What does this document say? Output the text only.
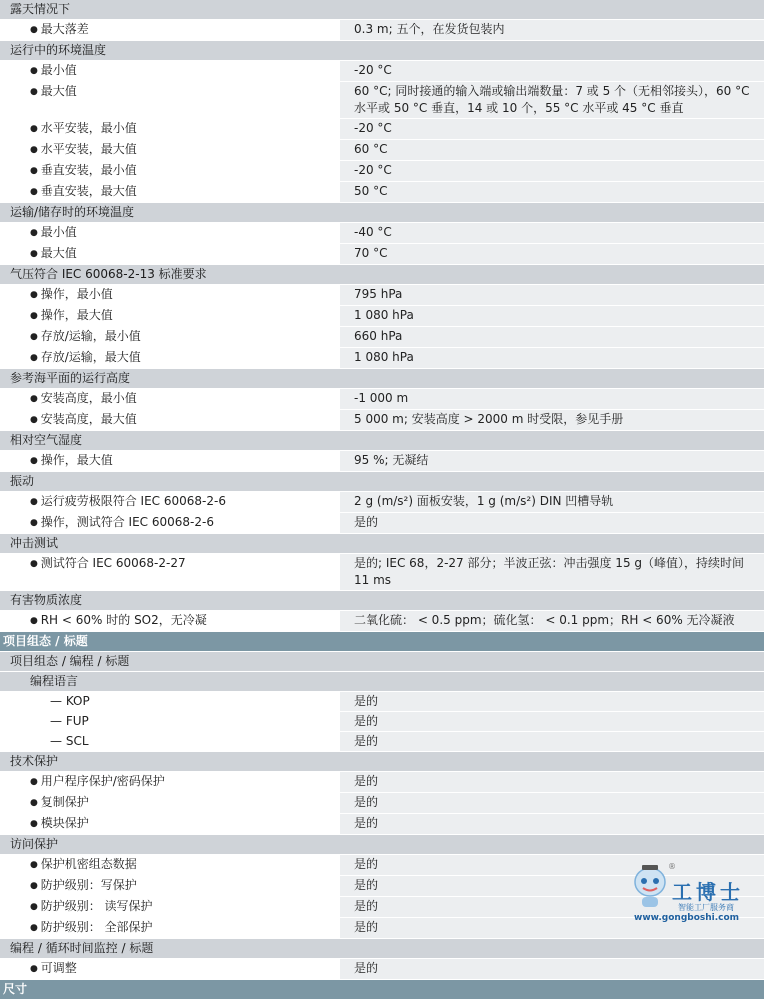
露天情况下
● 最大落差	0.3 m; 五个，在发货包装内
运行中的环境温度
● 最小值	-20 °C
● 最大值	60 °C; 同时接通的输入端或输出端数量：7 或 5 个（无相邻接头），60 °C 水平或 50 °C 垂直，14 或 10 个，55 °C 水平或 45 °C 垂直
● 水平安装，最小值	-20 °C
● 水平安装，最大值	60 °C
● 垂直安装，最小值	-20 °C
● 垂直安装，最大值	50 °C
运输/储存时的环境温度
● 最小值	-40 °C
● 最大值	70 °C
气压符合 IEC 60068-2-13 标准要求
● 操作，最小值	795 hPa
● 操作，最大值	1 080 hPa
● 存放/运输，最小值	660 hPa
● 存放/运输，最大值	1 080 hPa
参考海平面的运行高度
● 安装高度，最小值	-1 000 m
● 安装高度，最大值	5 000 m; 安装高度 > 2000 m 时受限，参见手册
相对空气湿度
● 操作，最大值	95 %; 无凝结
振动
● 运行疲劳极限符合 IEC 60068-2-6	2 g (m/s²) 面板安装，1 g (m/s²) DIN 凹槽导轨
● 操作，测试符合 IEC 60068-2-6	是的
冲击测试
● 测试符合 IEC 60068-2-27	是的; IEC 68，2-27 部分；半波正弦：冲击强度 15 g（峰值），持续时间 11 ms
有害物质浓度
● RH < 60% 时的 SO2，无冷凝	二氧化硫： < 0.5 ppm；硫化氢： < 0.1 ppm；RH < 60% 无冷凝液
项目组态 / 标题
项目组态 / 编程 / 标题
编程语言
— KOP	是的
— FUP	是的
— SCL	是的
技术保护
● 用户程序保护/密码保护	是的
● 复制保护	是的
● 模块保护	是的
访问保护
● 保护机密组态数据	是的
● 防护级别：写保护	是的
● 防护级别： 读写保护	是的
● 防护级别： 全部保护	是的
编程 / 循环时间监控 / 标题
● 可调整	是的
尺寸
工博士
®
智能工厂服务商
www.gongboshi.com
